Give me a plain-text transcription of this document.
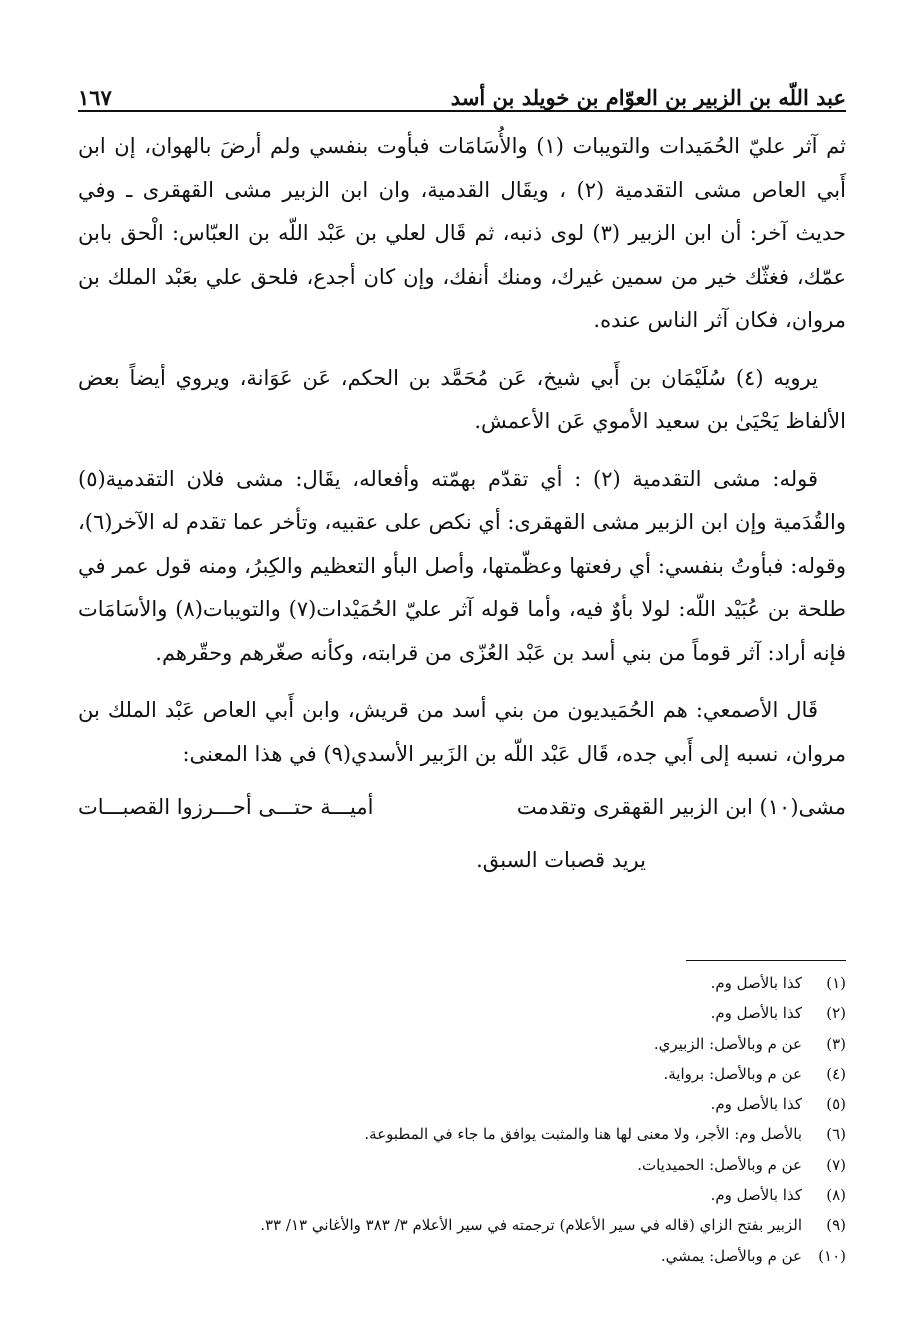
عبد اللّه بن الزبير بن العوّام بن خويلد بن أسد
١٦٧

ثم آثر عليّ الحُمَيدات والتويبات (١) والأُسَامَات فبأوت بنفسي ولم أرضَ بالهوان، إن ابن أَبي العاص مشى التقدمية (٢) ، ويقَال القدمية، وان ابن الزبير مشى القهقرى ـ وفي حديث آخر: أن ابن الزبير (٣) لوى ذنبه، ثم قَال لعلي بن عَبْد اللّه بن العبّاس: الْحق بابن عمّك، فغثّك خير من سمين غيرك، ومنك أنفك، وإن كان أجدع، فلحق علي بعَبْد الملك بن مروان، فكان آثر الناس عنده.

يرويه (٤) سُلَيْمَان بن أَبي شيخ، عَن مُحَمَّد بن الحكم، عَن عَوَانة، ويروي أيضاً بعض الألفاظ يَحْيَىٰ بن سعيد الأموي عَن الأعمش.

قوله: مشى التقدمية (٢) : أي تقدّم بهمّته وأفعاله، يقَال: مشى فلان التقدمية(٥) والقُدَمية وإن ابن الزبير مشى القهقرى: أي نكص على عقبيه، وتأخر عما تقدم له الآخر(٦)، وقوله: فبأوتُ بنفسي: أي رفعتها وعظّمتها، وأصل البأو التعظيم والكِبرُ، ومنه قول عمر في طلحة بن عُبَيْد اللّه: لولا بأوٌ فيه، وأما قوله آثر عليّ الحُمَيْدات(٧) والتويبات(٨) والأسَامَات فإنه أراد: آثر قوماً من بني أسد بن عَبْد العُزّى من قرابته، وكأنه صغّرهم وحقّرهم.

قَال الأصمعي: هم الحُمَيديون من بني أسد من قريش، وابن أَبي العاص عَبْد الملك بن مروان، نسبه إلى أَبي جده، قَال عَبْد اللّه بن الزَبير الأسدي(٩) في هذا المعنى:

مشى(١٠) ابن الزبير القهقرى وتقدمت
أميـــة حتـــى أحـــرزوا القصبـــات
يريد قصبات السبق.
(١)
كذا بالأصل وم.
(٢)
كذا بالأصل وم.
(٣)
عن م وبالأصل: الزبيري.
(٤)
عن م وبالأصل: برواية.
(٥)
كذا بالأصل وم.
(٦)
بالأصل وم: الأجر، ولا معنى لها هنا والمثبت يوافق ما جاء في المطبوعة.
(٧)
عن م وبالأصل: الحميديات.
(٨)
كذا بالأصل وم.
(٩)
الزبير بفتح الزاي (قاله في سير الأعلام) ترجمته في سير الأعلام ٣/ ٣٨٣ والأغاني ١٣/ ٣٣.
(١٠)
عن م وبالأصل: يمشي.
